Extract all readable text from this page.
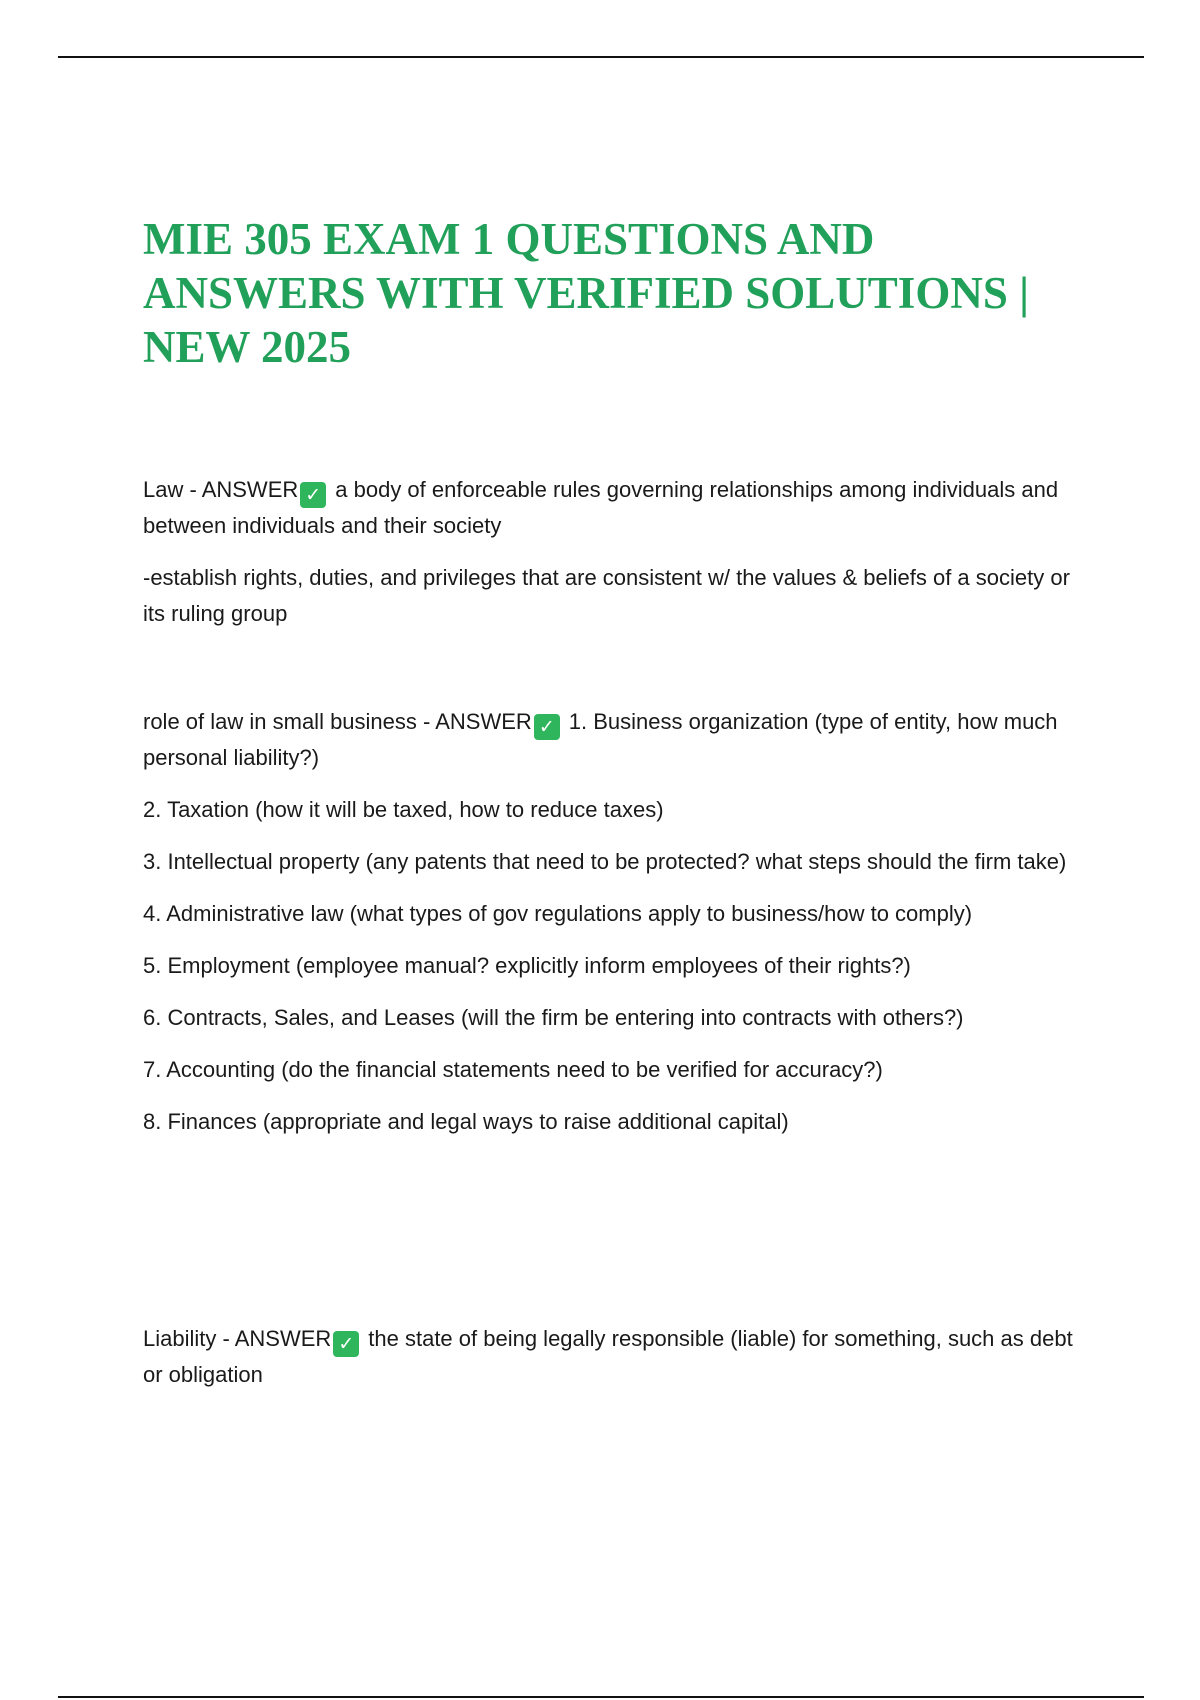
MIE 305 EXAM 1 QUESTIONS AND ANSWERS WITH VERIFIED SOLUTIONS | NEW 2025

Law - ANSWER ✓ a body of enforceable rules governing relationships among individuals and between individuals and their society

-establish rights, duties, and privileges that are consistent w/ the values & beliefs of a society or its ruling group

role of law in small business - ANSWER ✓ 1. Business organization (type of entity, how much personal liability?)

2. Taxation (how it will be taxed, how to reduce taxes)

3. Intellectual property (any patents that need to be protected? what steps should the firm take)

4. Administrative law (what types of gov regulations apply to business/how to comply)

5. Employment (employee manual? explicitly inform employees of their rights?)

6. Contracts, Sales, and Leases (will the firm be entering into contracts with others?)

7. Accounting (do the financial statements need to be verified for accuracy?)

8. Finances (appropriate and legal ways to raise additional capital)

Liability - ANSWER ✓ the state of being legally responsible (liable) for something, such as debt or obligation
